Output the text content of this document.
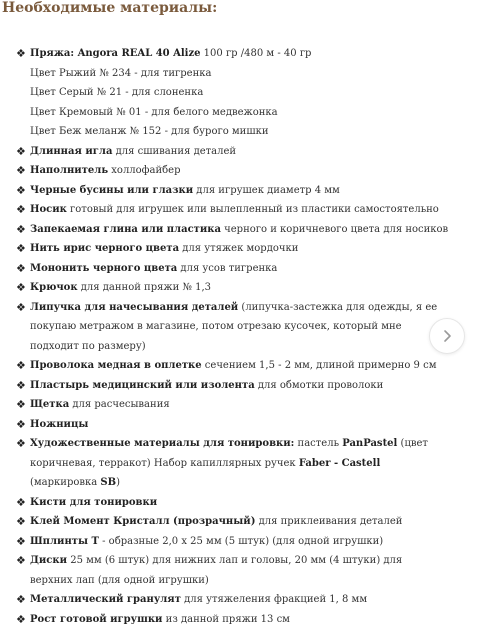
Необходимые материалы:
❖ Пряжа: Angora REAL 40 Alize 100 гр /480 м - 40 гр
Цвет Рыжий № 234 - для тигренка
Цвет Серый № 21 - для слоненка
Цвет Кремовый № 01 - для белого медвежонка
Цвет Беж меланж № 152 - для бурого мишки
❖ Длинная игла для сшивания деталей
❖ Наполнитель холлофайбер
❖ Черные бусины или глазки для игрушек диаметр 4 мм
❖ Носик готовый для игрушек или вылепленный из пластики самостоятельно
❖ Запекаемая глина или пластика черного и коричневого цвета для носиков
❖ Нить ирис черного цвета для утяжек мордочки
❖ Мононить черного цвета для усов тигренка
❖ Крючок для данной пряжи № 1,3
❖ Липучка для начесывания деталей (липучка-застежка для одежды, я ее покупаю метражом в магазине, потом отрезаю кусочек, который мне подходит по размеру)
❖ Проволока медная в оплетке сечением 1,5 - 2 мм, длиной примерно 9 см
❖ Пластырь медицинский или изолента для обмотки проволоки
❖ Щетка для расчесывания
❖ Ножницы
❖ Художественные материалы для тонировки: пастель PanPastel (цвет коричневая, терракот) Набор капиллярных ручек Faber - Castell (маркировка SB)
❖ Кисти для тонировки
❖ Клей Момент Кристалл (прозрачный) для приклеивания деталей
❖ Шплинты Т - образные 2,0 х 25 мм (5 штук) (для одной игрушки)
❖ Диски 25 мм (6 штук) для нижних лап и головы, 20 мм (4 штуки) для верхних лап (для одной игрушки)
❖ Металлический гранулят для утяжеления фракцией 1, 8 мм
❖ Рост готовой игрушки из данной пряжи 13 см
